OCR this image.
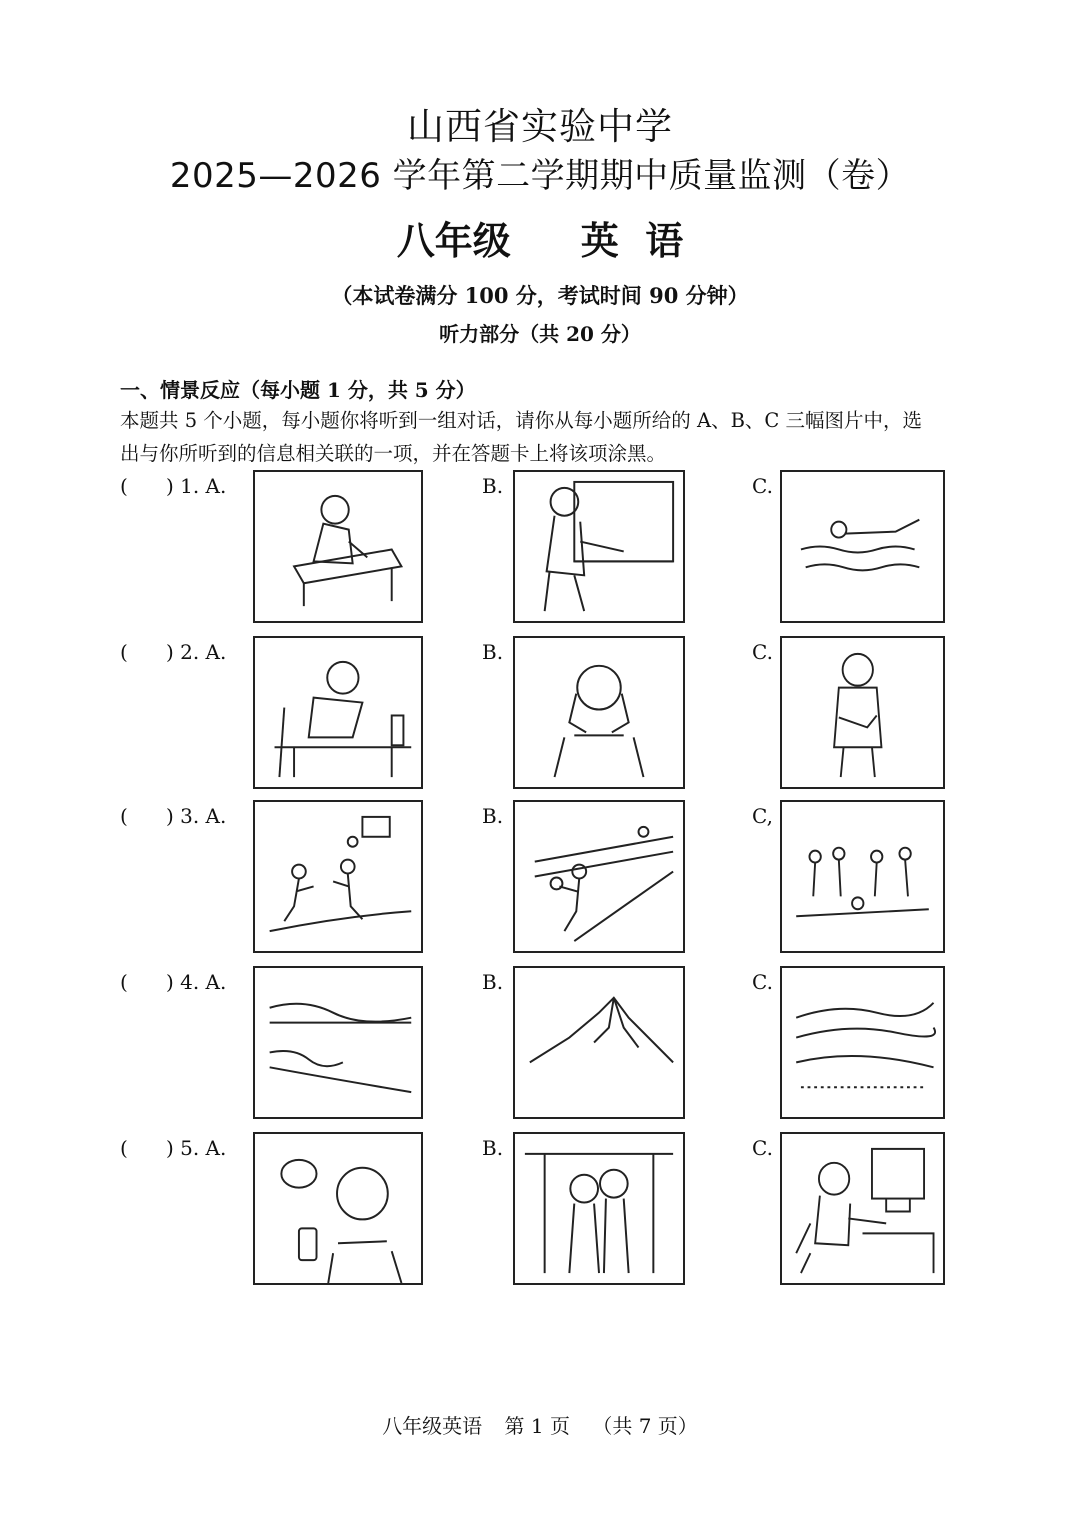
山西省实验中学
2025—2026 学年第二学期期中质量监测（卷）
八年级 英  语
（本试卷满分 100 分，考试时间 90 分钟）
听力部分（共 20 分）
一、情景反应（每小题 1 分，共 5 分）
本题共 5 个小题，每小题你将听到一组对话，请你从每小题所给的 A、B、C 三幅图片中，选
出与你所听到的信息相关联的一项，并在答题卡上将该项涂黑。
(      ) 1. A.	B.	C.
(      ) 2. A.	B.	C.
(      ) 3. A.	B.	C,
(      ) 4. A.	B.	C.
(      ) 5. A.	B.	C.
八年级英语 第 1 页 （共 7 页）
